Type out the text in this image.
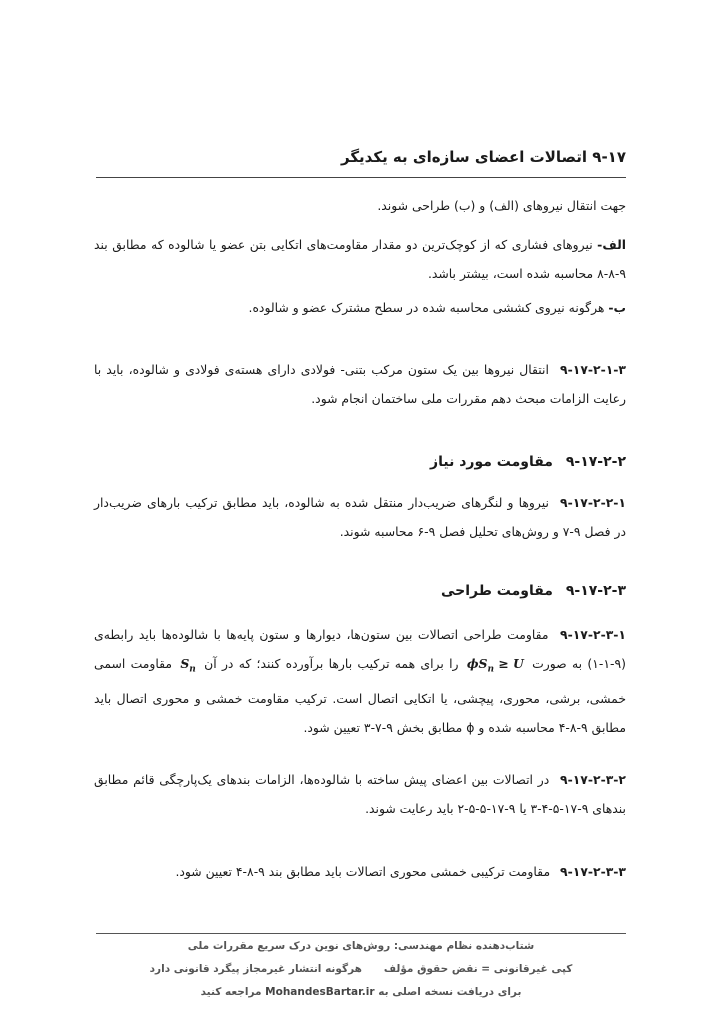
۹-۱۷ اتصالات اعضای سازه‌ای به یکدیگر
جهت انتقال نیروهای (الف) و (ب) طراحی شوند.
الف- نیروهای فشاری که از کوچک‌ترین دو مقدار مقاومت‌های اتکایی بتن عضو یا شالوده که مطابق بند ۹-۸-۸ محاسبه شده است، بیشتر باشد.
ب- هرگونه نیروی کششی محاسبه شده در سطح مشترک عضو و شالوده.
۹-۱۷-۲-۱-۳ انتقال نیروها بین یک ستون مرکب بتنی- فولادی دارای هسته‌ی فولادی و شالوده، باید با رعایت الزامات مبحث دهم مقررات ملی ساختمان انجام شود.
۹-۱۷-۲-۲ مقاومت مورد نیاز
۹-۱۷-۲-۲-۱ نیروها و لنگرهای ضریب‌دار منتقل شده به شالوده، باید مطابق ترکیب بارهای ضریب‌دار در فصل ۹-۷ و روش‌های تحلیل فصل ۹-۶ محاسبه شوند.
۹-۱۷-۲-۳ مقاومت طراحی
۹-۱۷-۲-۳-۱ مقاومت طراحی اتصالات بین ستون‌ها، دیوارها و ستون پایه‌ها با شالوده‌ها باید رابطه‌ی (۹-۱-۱) به صورت $\phi S_n \ge U$ را برای همه ترکیب بارها برآورده کنند؛ که در آن $S_n$ مقاومت اسمی خمشی، برشی، محوری، پیچشی، یا اتکایی اتصال است. ترکیب مقاومت خمشی و محوری اتصال باید مطابق ۹-۸-۴ محاسبه شده و ϕ مطابق بخش ۹-۷-۳ تعیین شود.
۹-۱۷-۲-۳-۲ در اتصالات بین اعضای پیش ساخته با شالوده‌ها، الزامات بندهای یک‌پارچگی قائم مطابق بندهای ۹-۱۷-۵-۴-۳ یا ۹-۱۷-۵-۵-۲ باید رعایت شوند.
۹-۱۷-۲-۳-۳ مقاومت ترکیبی خمشی محوری اتصالات باید مطابق بند ۹-۸-۴ تعیین شود.
شتاب‌دهنده نظام مهندسی: روش‌های نوین درک سریع مقررات ملی
کپی غیرقانونی = نقض حقوق مؤلفهرگونه انتشار غیرمجاز پیگرد قانونی دارد
برای دریافت نسخه اصلی به MohandesBartar.ir مراجعه کنید
